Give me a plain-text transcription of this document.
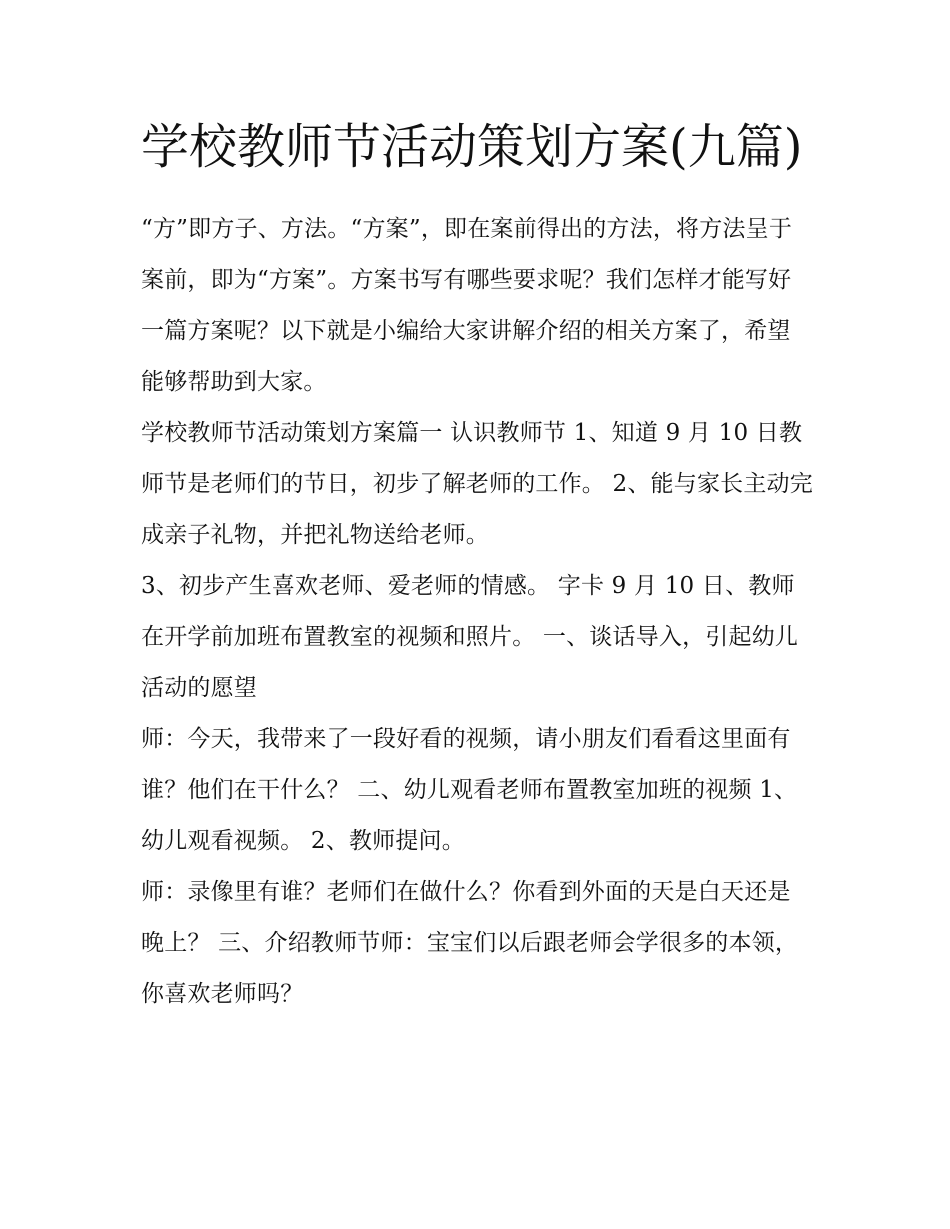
学校教师节活动策划方案(九篇)

“方”即方子、方法。“方案”，即在案前得出的方法，将方法呈于案前，即为“方案”。方案书写有哪些要求呢？我们怎样才能写好一篇方案呢？以下就是小编给大家讲解介绍的相关方案了，希望能够帮助到大家。

学校教师节活动策划方案篇一 认识教师节 1、知道 9 月 10 日教师节是老师们的节日，初步了解老师的工作。 2、能与家长主动完成亲子礼物，并把礼物送给老师。

3、初步产生喜欢老师、爱老师的情感。 字卡 9 月 10 日、教师在开学前加班布置教室的视频和照片。 一、谈话导入，引起幼儿活动的愿望

师：今天，我带来了一段好看的视频，请小朋友们看看这里面有谁？他们在干什么？ 二、幼儿观看老师布置教室加班的视频 1、幼儿观看视频。 2、教师提问。

师：录像里有谁？老师们在做什么？你看到外面的天是白天还是晚上？ 三、介绍教师节师：宝宝们以后跟老师会学很多的本领，你喜欢老师吗？
